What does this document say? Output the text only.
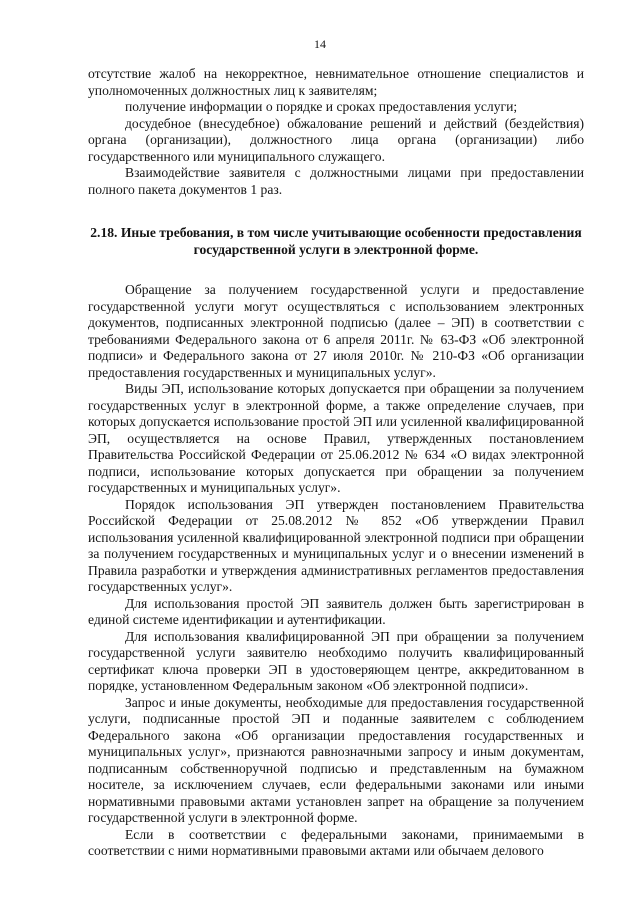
14

отсутствие жалоб на некорректное, невнимательное отношение специалистов и уполномоченных должностных лиц к заявителям;

получение информации о порядке и сроках предоставления услуги;

досудебное (внесудебное) обжалование решений и действий (бездействия) органа (организации), должностного лица органа (организации) либо государственного или муниципального служащего.

Взаимодействие заявителя с должностными лицами при предоставлении полного пакета документов 1 раз.

2.18. Иные требования, в том числе учитывающие особенности предоставления государственной услуги в электронной форме.

Обращение за получением государственной услуги и предоставление государственной услуги могут осуществляться с использованием электронных документов, подписанных электронной подписью (далее – ЭП) в соответствии с требованиями Федерального закона от 6 апреля 2011г. № 63-ФЗ «Об электронной подписи» и Федерального закона от 27 июля 2010г. № 210-ФЗ «Об организации предоставления государственных и муниципальных услуг».

Виды ЭП, использование которых допускается при обращении за получением государственных услуг в электронной форме, а также определение случаев, при которых допускается использование простой ЭП или усиленной квалифицированной ЭП, осуществляется на основе Правил, утвержденных постановлением Правительства Российской Федерации от 25.06.2012 № 634 «О видах электронной подписи, использование которых допускается при обращении за получением государственных и муниципальных услуг».

Порядок использования ЭП утвержден постановлением Правительства Российской Федерации от 25.08.2012 № 852 «Об утверждении Правил использования усиленной квалифицированной электронной подписи при обращении за получением государственных и муниципальных услуг и о внесении изменений в Правила разработки и утверждения административных регламентов предоставления государственных услуг».

Для использования простой ЭП заявитель должен быть зарегистрирован в единой системе идентификации и аутентификации.

Для использования квалифицированной ЭП при обращении за получением государственной услуги заявителю необходимо получить квалифицированный сертификат ключа проверки ЭП в удостоверяющем центре, аккредитованном в порядке, установленном Федеральным законом «Об электронной подписи».

Запрос и иные документы, необходимые для предоставления государственной услуги, подписанные простой ЭП и поданные заявителем с соблюдением Федерального закона «Об организации предоставления государственных и муниципальных услуг», признаются равнозначными запросу и иным документам, подписанным собственноручной подписью и представленным на бумажном носителе, за исключением случаев, если федеральными законами или иными нормативными правовыми актами установлен запрет на обращение за получением государственной услуги в электронной форме.

Если в соответствии с федеральными законами, принимаемыми в соответствии с ними нормативными правовыми актами или обычаем делового
